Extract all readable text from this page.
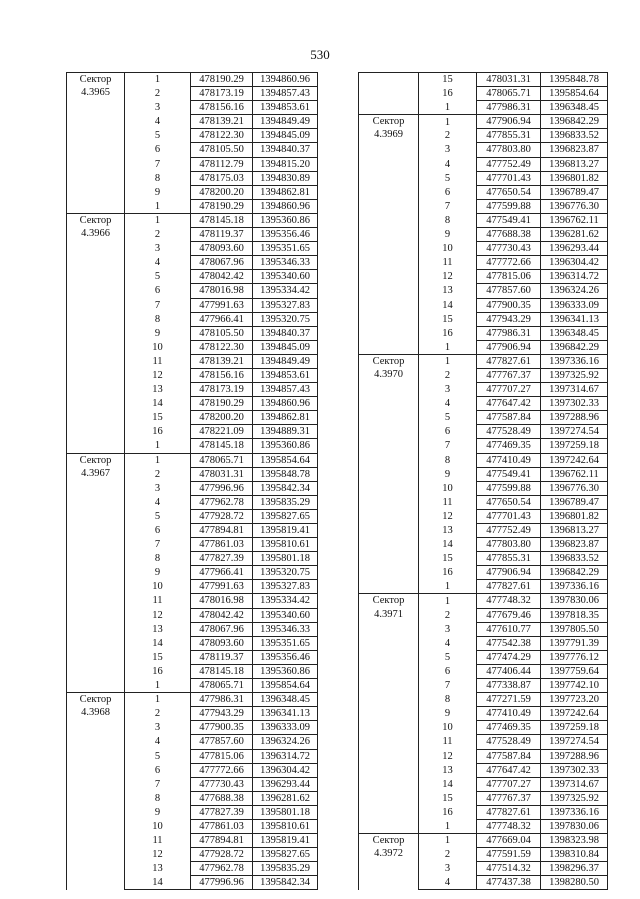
530
Сектор
4.3965	1	478190.29	1394860.96
	2	478173.19	1394857.43
	3	478156.16	1394853.61
	4	478139.21	1394849.49
	5	478122.30	1394845.09
	6	478105.50	1394840.37
	7	478112.79	1394815.20
	8	478175.03	1394830.89
	9	478200.20	1394862.81
	1	478190.29	1394860.96

Сектор
4.3966	1	478145.18	1395360.86
	2	478119.37	1395356.46
	3	478093.60	1395351.65
	4	478067.96	1395346.33
	5	478042.42	1395340.60
	6	478016.98	1395334.42
	7	477991.63	1395327.83
	8	477966.41	1395320.75
	9	478105.50	1394840.37
	10	478122.30	1394845.09
	11	478139.21	1394849.49
	12	478156.16	1394853.61
	13	478173.19	1394857.43
	14	478190.29	1394860.96
	15	478200.20	1394862.81
	16	478221.09	1394889.31
	1	478145.18	1395360.86

Сектор
4.3967	1	478065.71	1395854.64
	2	478031.31	1395848.78
	3	477996.96	1395842.34
	4	477962.78	1395835.29
	5	477928.72	1395827.65
	6	477894.81	1395819.41
	7	477861.03	1395810.61
	8	477827.39	1395801.18
	9	477966.41	1395320.75
	10	477991.63	1395327.83
	11	478016.98	1395334.42
	12	478042.42	1395340.60
	13	478067.96	1395346.33
	14	478093.60	1395351.65
	15	478119.37	1395356.46
	16	478145.18	1395360.86
	1	478065.71	1395854.64

Сектор
4.3968	1	477986.31	1396348.45
	2	477943.29	1396341.13
	3	477900.35	1396333.09
	4	477857.60	1396324.26
	5	477815.06	1396314.72
	6	477772.66	1396304.42
	7	477730.43	1396293.44
	8	477688.38	1396281.62
	9	477827.39	1395801.18
	10	477861.03	1395810.61
	11	477894.81	1395819.41
	12	477928.72	1395827.65
	13	477962.78	1395835.29
	14	477996.96	1395842.34
	15	478031.31	1395848.78
	16	478065.71	1395854.64
	1	477986.31	1396348.45

Сектор
4.3969	1	477906.94	1396842.29
	2	477855.31	1396833.52
	3	477803.80	1396823.87
	4	477752.49	1396813.27
	5	477701.43	1396801.82
	6	477650.54	1396789.47
	7	477599.88	1396776.30
	8	477549.41	1396762.11
	9	477688.38	1396281.62
	10	477730.43	1396293.44
	11	477772.66	1396304.42
	12	477815.06	1396314.72
	13	477857.60	1396324.26
	14	477900.35	1396333.09
	15	477943.29	1396341.13
	16	477986.31	1396348.45
	1	477906.94	1396842.29

Сектор
4.3970	1	477827.61	1397336.16
	2	477767.37	1397325.92
	3	477707.27	1397314.67
	4	477647.42	1397302.33
	5	477587.84	1397288.96
	6	477528.49	1397274.54
	7	477469.35	1397259.18
	8	477410.49	1397242.64
	9	477549.41	1396762.11
	10	477599.88	1396776.30
	11	477650.54	1396789.47
	12	477701.43	1396801.82
	13	477752.49	1396813.27
	14	477803.80	1396823.87
	15	477855.31	1396833.52
	16	477906.94	1396842.29
	1	477827.61	1397336.16

Сектор
4.3971	1	477748.32	1397830.06
	2	477679.46	1397818.35
	3	477610.77	1397805.50
	4	477542.38	1397791.39
	5	477474.29	1397776.12
	6	477406.44	1397759.64
	7	477338.87	1397742.10
	8	477271.59	1397723.20
	9	477410.49	1397242.64
	10	477469.35	1397259.18
	11	477528.49	1397274.54
	12	477587.84	1397288.96
	13	477647.42	1397302.33
	14	477707.27	1397314.67
	15	477767.37	1397325.92
	16	477827.61	1397336.16
	1	477748.32	1397830.06

Сектор
4.3972	1	477669.04	1398323.98
	2	477591.59	1398310.84
	3	477514.32	1398296.37
	4	477437.38	1398280.50
